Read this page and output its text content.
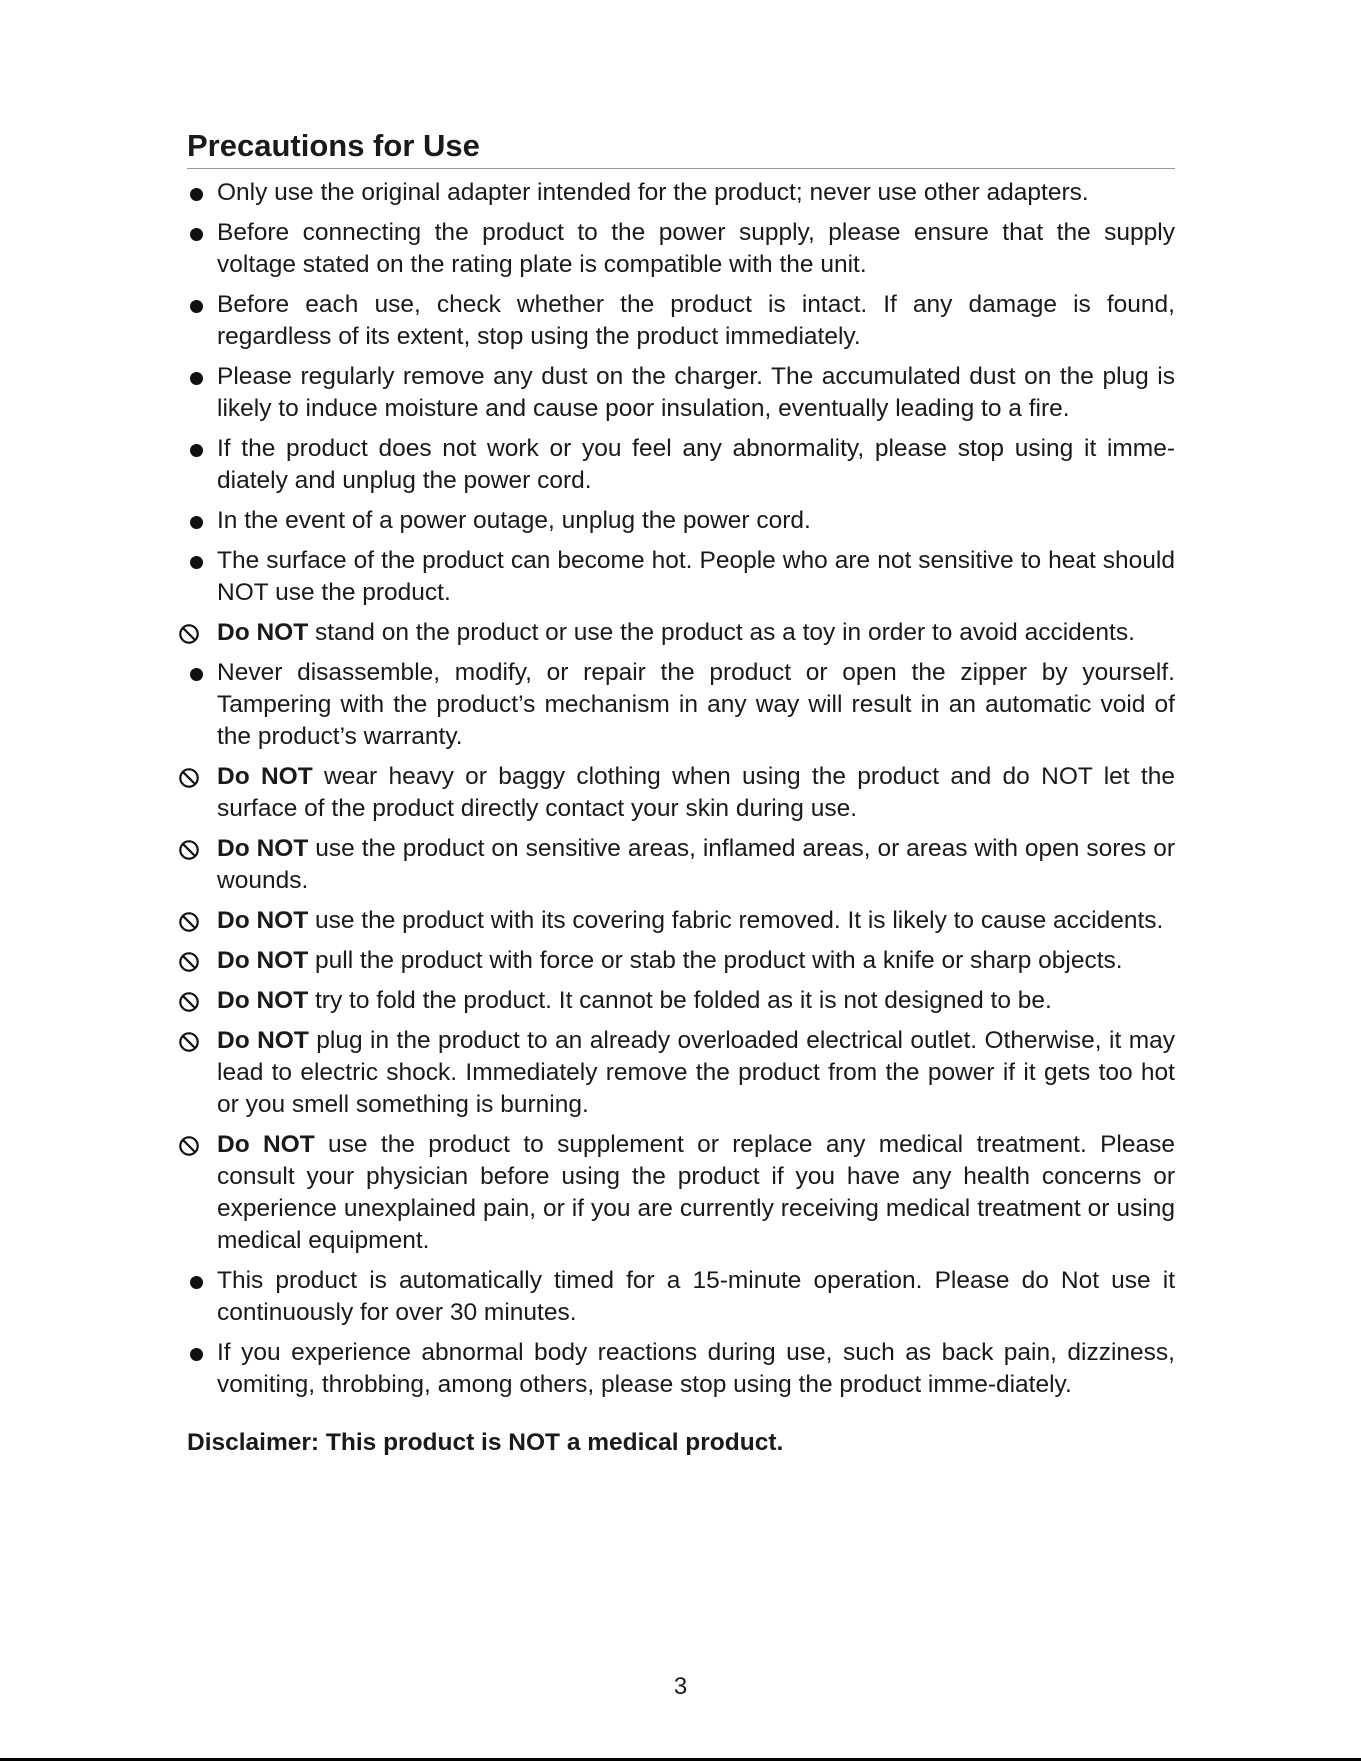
Precautions for Use
Only use the original adapter intended for the product; never use other adapters.
Before connecting the product to the power supply, please ensure that the supply voltage stated on the rating plate is compatible with the unit.
Before each use, check whether the product is intact. If any damage is found, regardless of its extent, stop using the product immediately.
Please regularly remove any dust on the charger. The accumulated dust on the plug is likely to induce moisture and cause poor insulation, eventually leading to a fire.
If the product does not work or you feel any abnormality, please stop using it imme-diately and unplug the power cord.
In the event of a power outage, unplug the power cord.
The surface of the product can become hot. People who are not sensitive to heat should NOT use the product.
Do NOT stand on the product or use the product as a toy in order to avoid accidents.
Never disassemble, modify, or repair the product or open the zipper by yourself. Tampering with the product’s mechanism in any way will result in an automatic void of the product’s warranty.
Do NOT wear heavy or baggy clothing when using the product and do NOT let the surface of the product directly contact your skin during use.
Do NOT use the product on sensitive areas, inflamed areas, or areas with open sores or wounds.
Do NOT use the product with its covering fabric removed. It is likely to cause accidents.
Do NOT pull the product with force or stab the product with a knife or sharp objects.
Do NOT try to fold the product. It cannot be folded as it is not designed to be.
Do NOT plug in the product to an already overloaded electrical outlet. Otherwise, it may lead to electric shock. Immediately remove the product from the power if it gets too hot or you smell something is burning.
Do NOT use the product to supplement or replace any medical treatment. Please consult your physician before using the product if you have any health concerns or experience unexplained pain, or if you are currently receiving medical treatment or using medical equipment.
This product is automatically timed for a 15-minute operation. Please do Not use it continuously for over 30 minutes.
If you experience abnormal body reactions during use, such as back pain, dizziness, vomiting, throbbing, among others, please stop using the product imme-diately.
Disclaimer: This product is NOT a medical product.
3
